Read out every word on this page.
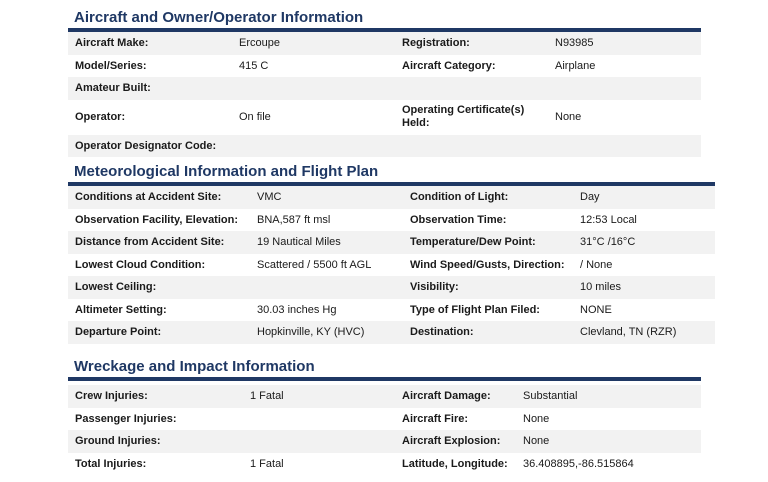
Aircraft and Owner/Operator Information
Aircraft Make:	Ercoupe	Registration:	N93985
Model/Series:	415 C	Aircraft Category:	Airplane
Amateur Built:			
Operator:	On file	Operating Certificate(s) Held:	None
Operator Designator Code:			
Meteorological Information and Flight Plan
Conditions at Accident Site:	VMC	Condition of Light:	Day
Observation Facility, Elevation:	BNA,587 ft msl	Observation Time:	12:53 Local
Distance from Accident Site:	19 Nautical Miles	Temperature/Dew Point:	31°C /16°C
Lowest Cloud Condition:	Scattered / 5500 ft AGL	Wind Speed/Gusts, Direction:	/ None
Lowest Ceiling:		Visibility:	10 miles
Altimeter Setting:	30.03 inches Hg	Type of Flight Plan Filed:	NONE
Departure Point:	Hopkinville, KY (HVC)	Destination:	Clevland, TN (RZR)
Wreckage and Impact Information
Crew Injuries:	1 Fatal	Aircraft Damage:	Substantial
Passenger Injuries:		Aircraft Fire:	None
Ground Injuries:		Aircraft Explosion:	None
Total Injuries:	1 Fatal	Latitude, Longitude:	36.408895,-86.515864
